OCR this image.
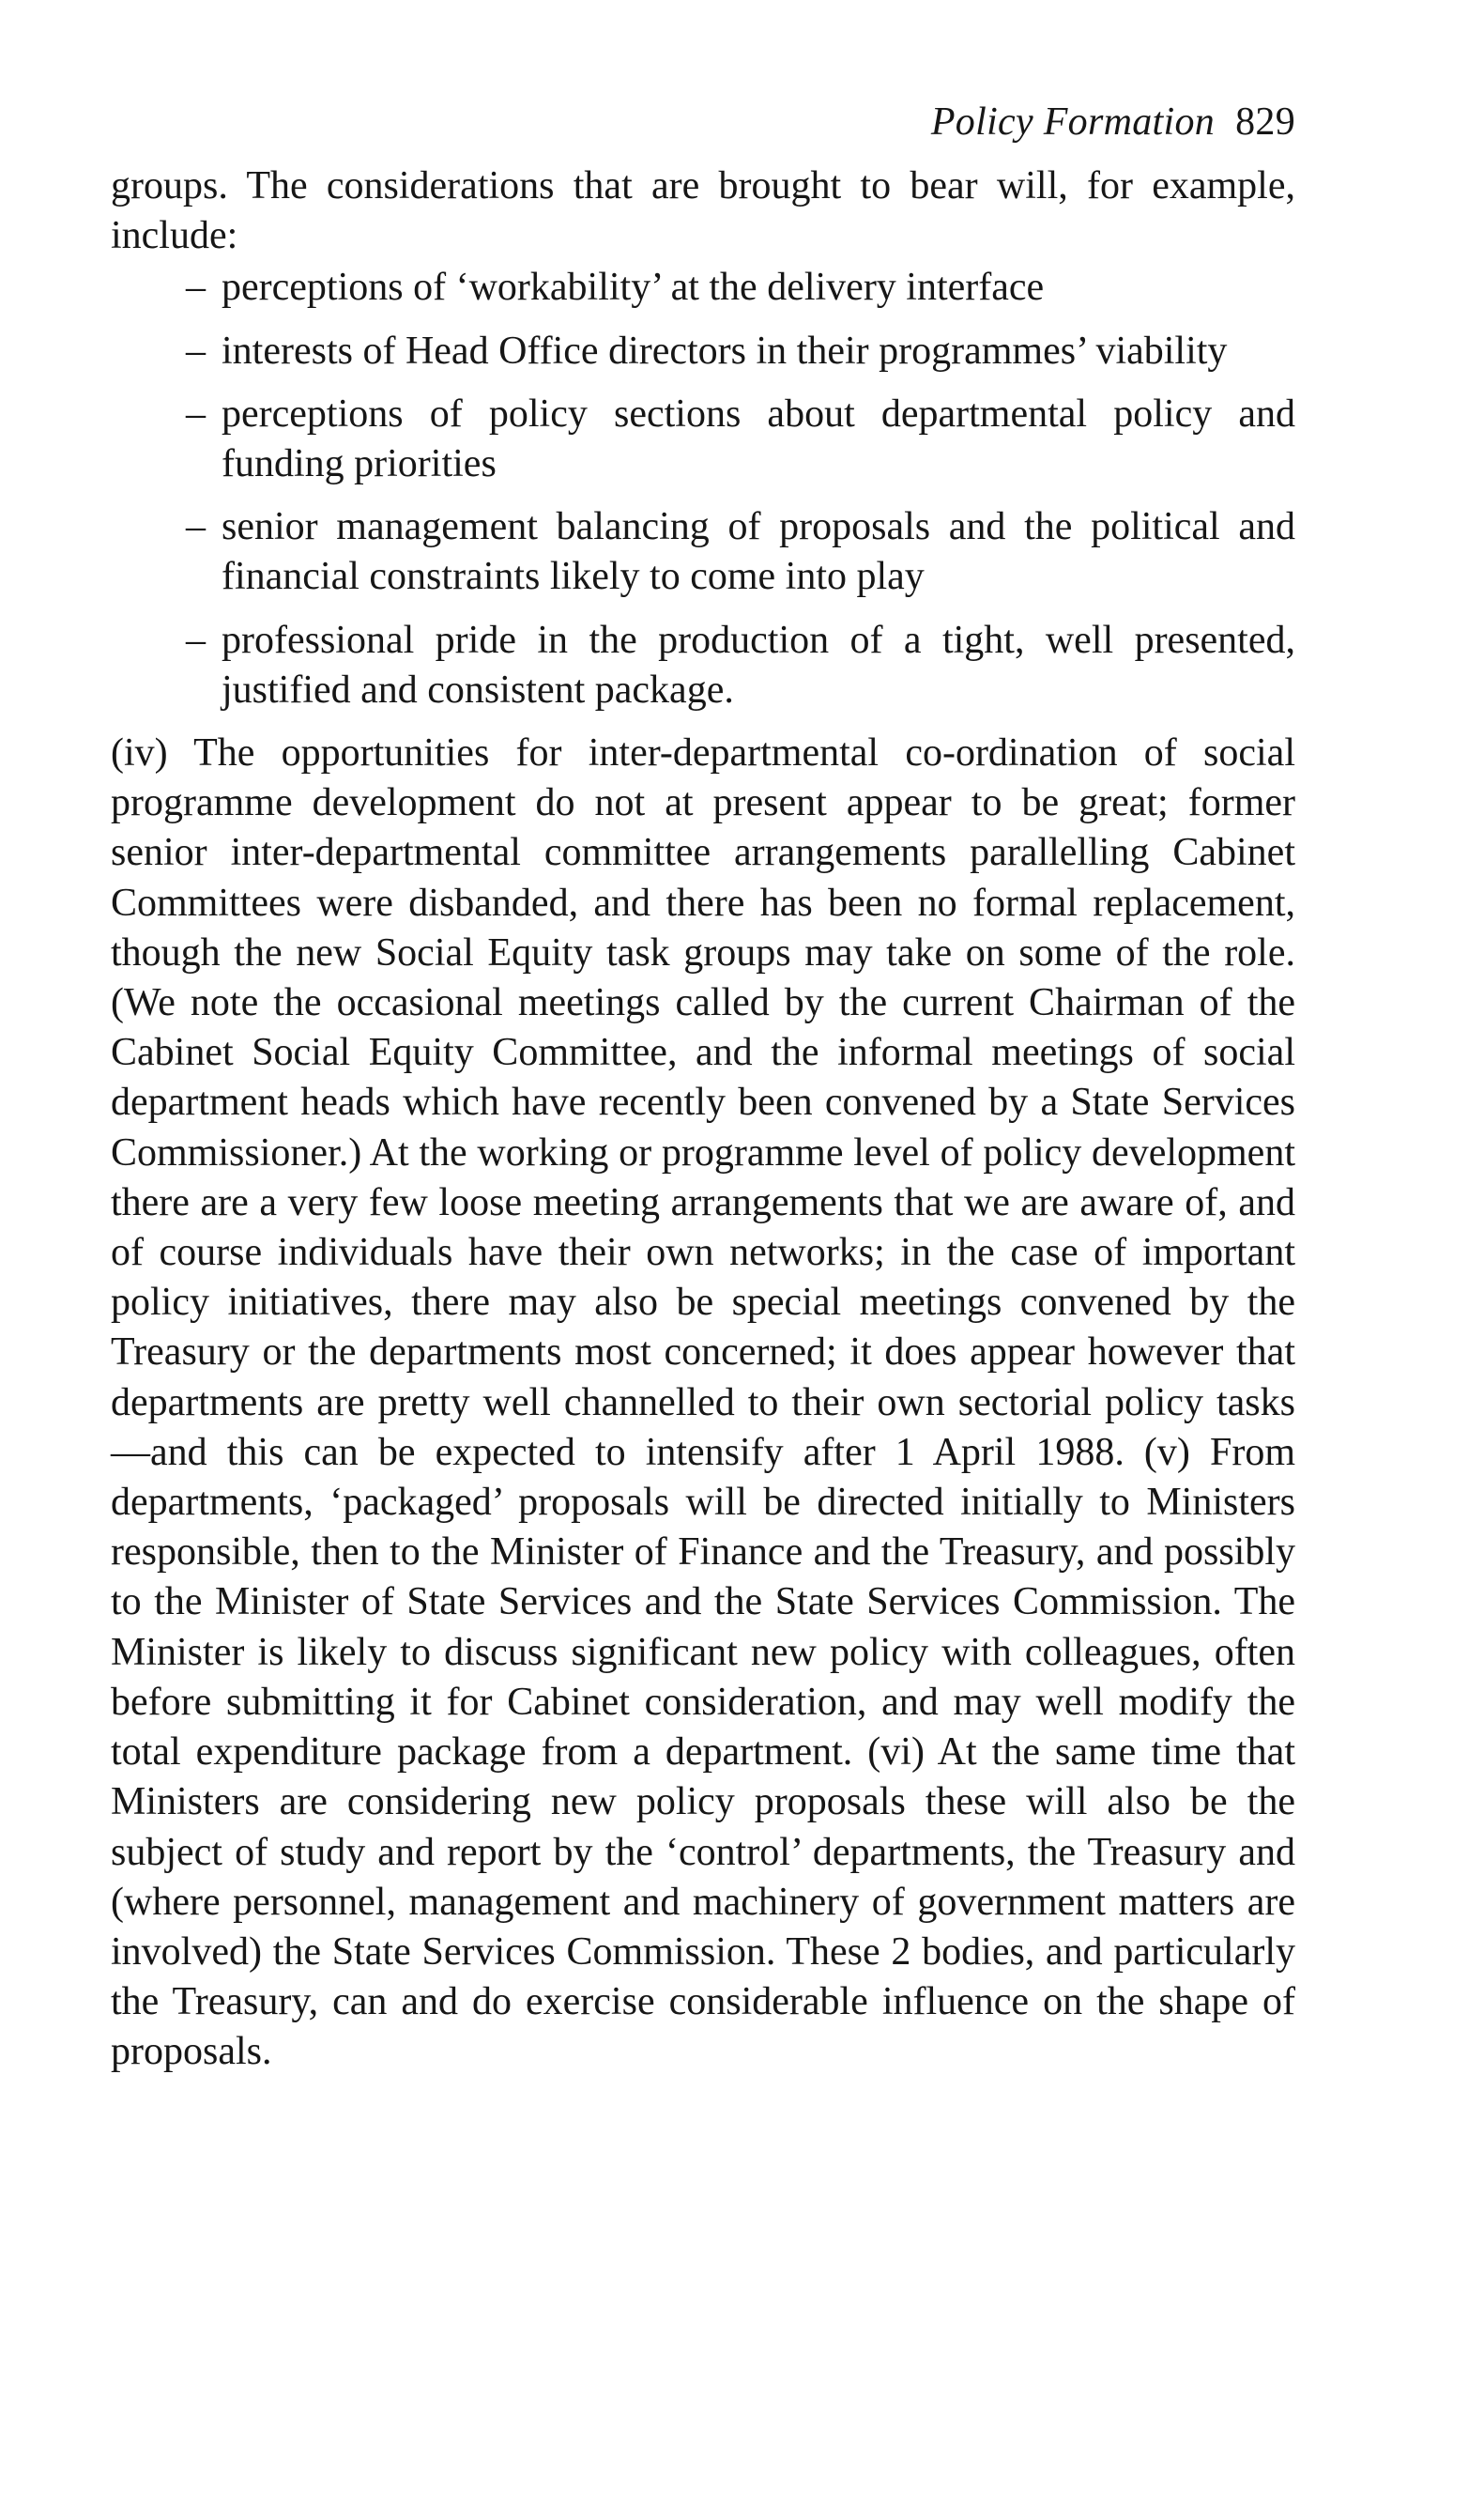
Policy Formation 829

groups. The considerations that are brought to bear will, for example, include:

– perceptions of ‘workability’ at the delivery interface
– interests of Head Office directors in their programmes’ viability
– perceptions of policy sections about departmental policy and funding priorities
– senior management balancing of proposals and the political and financial constraints likely to come into play
– professional pride in the production of a tight, well presented, justified and consistent package.

(iv) The opportunities for inter-departmental co-ordination of social programme development do not at present appear to be great; former senior inter-departmental committee arrangements parallelling Cabinet Committees were disbanded, and there has been no formal replacement, though the new Social Equity task groups may take on some of the role. (We note the occasional meetings called by the current Chairman of the Cabinet Social Equity Committee, and the informal meetings of social department heads which have recently been convened by a State Services Commissioner.) At the working or programme level of policy development there are a very few loose meeting arrangements that we are aware of, and of course individuals have their own networks; in the case of important policy initiatives, there may also be special meetings convened by the Treasury or the departments most concerned; it does appear however that departments are pretty well channelled to their own sectorial policy tasks—and this can be expected to intensify after 1 April 1988. (v) From departments, ‘packaged’ proposals will be directed initially to Ministers responsible, then to the Minister of Finance and the Treasury, and possibly to the Minister of State Services and the State Services Commission. The Minister is likely to discuss significant new policy with colleagues, often before submitting it for Cabinet consideration, and may well modify the total expenditure package from a department. (vi) At the same time that Ministers are considering new policy proposals these will also be the subject of study and report by the ‘control’ departments, the Treasury and (where personnel, management and machinery of government matters are involved) the State Services Commission. These 2 bodies, and particularly the Treasury, can and do exercise considerable influence on the shape of proposals.
